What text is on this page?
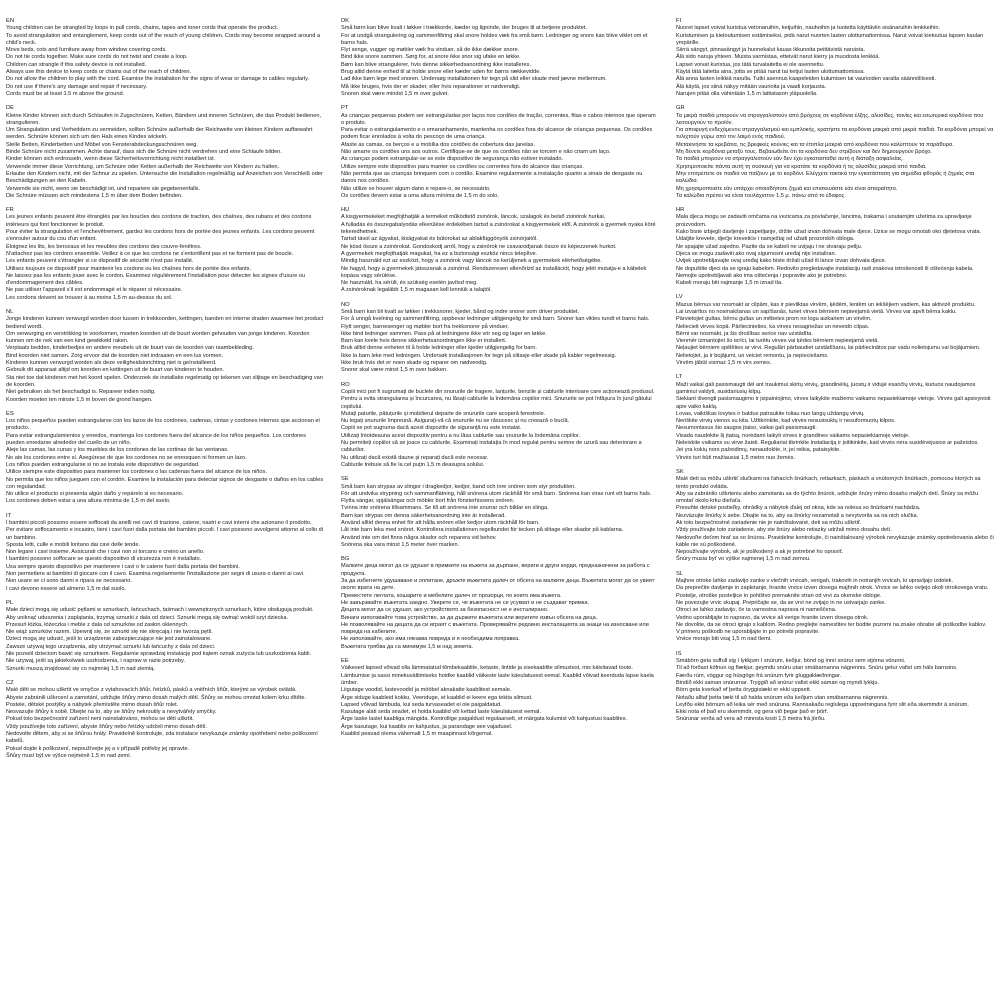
EN
Young children can be strangled by loops in pull cords, chains, tapes and inner cords that operate the product.
To avoid strangulation and entanglement, keep cords out of the reach of young children. Cords may become wrapped around a child's neck.
Move beds, cots and furniture away from window covering cords.
Do not tie cords together. Make sure cords do not twist and create a loop.
Children can strangle if this safety device is not installed.
Always use this device to keep cords or chains out of the reach of children.
Do not allow the children to play with the cord. Examine the installation for the signs of wear or damage to cables regularly.
Do not use if there's any damage and repair if necessary.
Cords must be at least 1.5 m above the ground.
DE
Kleine Kinder können sich durch Schlaufen in Zugschnüren, Ketten, Bändern und inneren Schnüren, die das Produkt bedienen, strangulieren.
Um Strangulation und Verheddern zu vermeiden, sollten Schnüre außerhalb der Reichweite von kleinen Kindern aufbewahrt werden. Schnüre können sich um den Hals eines Kindes wickeln.
Stelle Betten, Kinderbetten und Möbel von Fensterabdeckungsschnüren weg.
Binde Schnüre nicht zusammen. Achte darauf, dass sich die Schnüre nicht verdrehen und eine Schlaufe bilden.
Kinder können sich erdrosseln, wenn diese Sicherheitsvorrichtung nicht installiert ist.
Verwende immer diese Vorrichtung, um Schnüre oder Ketten außerhalb der Reichweite von Kindern zu halten.
Erlaube den Kindern nicht, mit der Schnur zu spielen. Untersuche die Installation regelmäßig auf Anzeichen von Verschleiß oder Beschädigungen an den Kabeln.
Verwende sie nicht, wenn sie beschädigt ist, und repariere sie gegebenenfalls.
Die Schnüre müssen sich mindestens 1,5 m über dem Boden befinden.
FR
Les jeunes enfants peuvent être étranglés par les boucles des cordons de traction, des chaînes, des rubans et des cordons intérieurs qui font fonctionner le produit.
Pour éviter la strangulation et l'enchevêtrement, gardez les cordons hors de portée des jeunes enfants. Les cordons peuvent s'enrouler autour du cou d'un enfant.
Éloignez les lits, les berceaux et les meubles des cordons des couvre-fenêtres.
N'attachez pas les cordons ensemble. Veillez à ce que les cordons ne s'entortillent pas et ne forment pas de boucle.
Les enfants peuvent s'étrangler si ce dispositif de sécurité n'est pas installé.
Utilisez toujours ce dispositif pour maintenir les cordons ou les chaînes hors de portée des enfants.
Ne laissez pas les enfants jouer avec le cordon. Examinez régulièrement l'installation pour détecter les signes d'usure ou d'endommagement des câbles.
Ne pas utiliser l'appareil s'il est endommagé et le réparer si nécessaire.
Les cordons doivent se trouver à au moins 1,5 m au-dessus du sol.
NL
Jonge kinderen kunnen verwurgd worden door lussen in trekkoorden, kettingen, banden en interne draden waarmee het product bediend wordt.
Om verwurging en verstrikking te voorkomen, moeten koorden uit de buurt worden gehouden van jonge kinderen. Koorden kunnen om de nek van een kind gewikkeld raken.
Verplaats bedden, kinderbedjes en andere meubels uit de buurt van de koorden van raambekleding.
Bind koorden niet samen. Zorg ervoor dat de koorden niet indraaien en een lus vormen.
Kinderen kunnen verwurgd worden als deze veiligheidsinrichting niet is geïnstalleerd.
Gebruik dit apparaat altijd om koorden en kettingen uit de buurt van kinderen te houden.
Sta niet toe dat kinderen met het koord spelen. Onderzoek de installatie regelmatig op tekenen van slijtage en beschadiging van de koorden.
Niet gebruiken als het beschadigd is. Repareer indien nodig.
Koorden moeten ten minste 1,5 m boven de grond hangen.
ES
Los niños pequeños pueden estrangularse con los lazos de los cordones, cadenas, cintas y cordones internos que accionan el producto.
Para evitar estrangulamientos y enredos, mantenga los cordones fuera del alcance de los niños pequeños. Los cordones pueden enredarse alrededor del cuello de un niño.
Aleje las camas, las cunas y los muebles de los cordones de las cortinas de las ventanas.
No ate los cordones entre sí. Asegúrese de que los cordones no se enrosquen ni formen un lazo.
Los niños pueden estrangularse si no se instala este dispositivo de seguridad.
Utilice siempre este dispositivo para mantener los cordones o las cadenas fuera del alcance de los niños.
No permita que los niños jueguen con el cordón. Examine la instalación para detectar signos de desgaste o daños en los cables con regularidad.
No utilice el producto si presenta algún daño y repárelo si es necesario.
Los cordones deben estar a una altura mínima de 1,5 m del suelo.
IT
I bambini piccoli possono essere soffocati da anelli nei cavi di trazione, catene, nastri e cavi interni che azionano il prodotto.
Per evitare soffocamento e incastro, tieni i cavi fuori dalla portata dei bambini piccoli. I cavi possono avvolgersi attorno al collo di un bambino.
Sposta letti, culle e mobili lontano dai cavi delle tende.
Non legare i cavi insieme. Assicurati che i cavi non si torcano e creino un anello.
I bambini possono soffocare se questo dispositivo di sicurezza non è installato.
Usa sempre questo dispositivo per mantenere i cavi o le catene fuori dalla portata dei bambini.
Non permettere ai bambini di giocare con il cavo. Esamina regolarmente l'installazione per segni di usura o danni ai cavi.
Non usare se ci sono danni e ripara se necessario.
I cavi devono essere ad almeno 1,5 m dal suolo.
PL
Małe dzieci mogą się udusić pętlami w sznurkach, łańcuchach, taśmach i wewnętrznych sznurkach, które obsługują produkt.
Aby uniknąć uduszenia i zaplątania, trzymaj sznurki z dala od dzieci. Sznurki mogą się owinąć wokół szyi dziecka.
Przesuń łóżka, łóżeczka i meble z dala od sznurków od zasłon okiennych.
Nie wiąż sznurków razem. Upewnij się, że sznurki się nie skręcają i nie tworzą pętli.
Dzieci mogą się udusić, jeśli to urządzenie zabezpieczające nie jest zainstalowane.
Zawsze używaj tego urządzenia, aby utrzymać sznurki lub łańcuchy z dala od dzieci.
Nie pozwól dzieciom bawić się sznurkiem. Regularnie sprawdzaj instalację pod kątem oznak zużycia lub uszkodzenia kabli.
Nie używaj, jeśli są jakiekolwiek uszkodzenia, i napraw w razie potrzeby.
Sznurki muszą znajdować się co najmniej 1,5 m nad ziemią.
CZ
Malé děti se mohou uškrtit ve smyčce z vytahovacích šňůr, řetízků, pásků a vnitřních šňůr, kterými se výrobek ovládá.
Abyste zabránili uškrcení a zamotání, udržujte šňůry mimo dosah malých dětí. Šňůry se mohou omotat kolem krku dítěte.
Postele, dětské postýlky a nábytek přemístěte mimo dosah šňůr rolet.
Nesvazujte šňůry k sobě. Dbejte na to, aby se šňůry nekroutily a nevytvářely smyčky.
Pokud toto bezpečnostní zařízení není nainstalováno, mohou se děti uškrtit.
Vždy používejte toto zařízení, abyste šňůry nebo řetízky udrželi mimo dosah dětí.
Nedovolte dětem, aby si se šňůrou hrály. Pravidelně kontrolujte, zda instalace nevykazuje známky opotřebení nebo poškození kabelů.
Pokud dojde k poškození, nepoužívejte jej a v případě potřeby jej opravte.
Šňůry musí být ve výšce nejméně 1,5 m nad zemí.
DK
Små børn kan blive kvalt i løkker i trækkorde, kæder og ligninde, der bruges til at betjene produktet.
For at undgå strangulering og sammenfiltring skal snore holdes væk fra små børn. Ledninger og snore kan blive viklet om et barns hals.
Flyt senge, vugger og møbler væk fra vinduer, så de ikke dækker snore.
Bind ikke snore sammen. Sørg for, at snore ikke snor sig ufake en løkke.
Børn kan blive strangulerer, hvis denne sikkerhedsanordning ikke installeres.
Brug altid denne enhed til at holde snore eller kæder uden for børns rækkevidde.
Lad ikke børn lege med snoren. Undersøg installationen for tegn på slid eller skade med jævne mellemrum.
Må ikke bruges, hvis der er skader, eller hvis reparationer er nødvendigt.
Snoren skal være mindst 1,5 m over gulvet.
PT
As crianças pequenas podem ser estranguladas por laços nos cordões de tração, correntes, fitas e cabos internos que operam o produto.
Para evitar o estrangulamento e o emaranhamento, mantenha os cordões fora do alcance de crianças pequenas. Os cordões podem ficar enrolados à volta do pescoço de uma criança.
Afaste as camas, os berços e a mobília dos cordões de cobertura das janelas.
Não amarre os cordões uns aos outros. Certifique-se de que os cordões não se torcem e não criam um laço.
As crianças podem estrangular-se se este dispositivo de segurança não estiver instalado.
Utilize sempre este dispositivo para manter os cordões ou correntes fora do alcance das crianças.
Não permita que as crianças brinquem com o cordão. Examine regularmente a instalação quanto a sinais de desgaste ou danos nos cordões.
Não utilize se houver algum dano e repare-o, se necessário.
Os cordões devem estar a uma altura mínima de 1,5 m do solo.
HU
A kisgyermekeket megfojthatják a terméket működtető zsinórok, láncok, szalagok és belső zsinórok hurkai.
A fulladás és összegabalyodás elkerülése érdekében tartsd a zsinórokat a kisgyermekek elől. A zsinórok a gyermek nyaka köré tekeredhetnek.
Tartsd távol az ágyakat, kiságyakat és bútorokat az ablakfüggönyök zsinórjaitól.
Ne kösd össze a zsinórokat. Gondoskodj arról, hogy a zsinórok ne csavarodjanak össze és képezzenek hurkot.
A gyermekek megfojthatják magukat, ha ez a biztonsági eszköz nincs telepítve.
Mindig használd ezt az eszközt, hogy a zsinórok vagy láncok ne kerüljenek a gyermekek elérhetőségébe.
Ne hagyd, hogy a gyermekek játsszanak a zsinórral. Rendszeresen ellenőrizd az installációt, hogy jelét mutatja-e a kábelek kopása vagy sérülése.
Ne használd, ha sérült, és szükség esetén javítsd meg.
A zsinóroknak legalább 1,5 m magasan kell lenniük a talajtól.
NO
Små barn kan bli kvalt av løkker i trekksnorer, kjeder, bånd og indre snorer som driver produktet.
For å unngå kvelning og sammenfiltring, oppbevar ledninger utilgjengelig for små barn. Snorer kan vikles rundt et barns hals.
Flytt senger, barnesenger og møbler bort fra trekksnorer på vinduer.
Ikke bind ledninger sammen. Pass på at ledningene ikke vrir seg og lager en løkke.
Barn kan kvele hvis denne sikkerhetsanordningen ikke er installert.
Bruk alltid denne enheten til å holde ledninger eller kjeder utilgjengelig for barn.
Ikke la barn leke med ledningen. Undersøk installasjonen for tegn på slitasje eller skade på kabler regelmessig.
Ikke bruk hvis det er noen skade og reparer om nødvendig.
Snorer skal være minst 1,5 m over bakken.
RO
Copiii mici pot fi sugrumați de buclele din snururile de tragere, lanțurile, benzile și cablurile interioare care acționează produsul.
Pentru a evita strangularea și încurcarea, nu lăsați cablurile la îndemâna copiilor mici. Snururile se pot înfășura în jurul gâtului copilului.
Mutați paturile, pătuțurile și mobilierul departe de snururile care acoperă ferestrele.
Nu legați snururile împreună. Asigurați-vă că snururile nu se răsucesc și nu creează o buclă.
Copiii se pot sugruma dacă acest dispozitiv de siguranță nu este instalat.
Utilizați întotdeauna acest dispozitiv pentru a nu lăsa cablurile sau snururile la îndemâna copiilor.
Nu permiteți copiilor să se joace cu cablurile. Examinați instalația în mod regulat pentru semne de uzură sau deteriorare a cablurilor.
Nu utilizați dacă există daune și reparați dacă este necesar.
Cablurile trebuie să fie la cel puțin 1,5 m deasupra solului.
SE
Små barn kan strypas av slingor i dragkedjor, kedjor, band och inre snören som styr produkten.
För att undvika strypning och sammanflätning, håll snörena utom räckhåll för små barn. Snörena kan viras runt ett barns hals.
Flytta sängar, spjälsängar och möbler bort från fönsterhissens snören.
Tvinna inte snörena tillsammans. Se till att snörena inte snurrar och bildar en slinga.
Barn kan strypas om denna säkerhetsanordning inte är installerad.
Använd alltid denna enhet för att hålla snören eller kedjor utom räckhåll för barn.
Låt inte barn leka med snöret. Kontrollera installationen regelbundet för tecken på slitage eller skador på kablarna.
Använd inte om det finns några skador och reparera vid behov.
Snörena ska vara minst 1,5 meter över marken.
BG
Малките деца могат да се удушат в примките на въжета за дърпане, вериги и други корди, предназначени за работа с продукта.
За да избегнете удушаване и оплитане, дръжте въжетата далеч от обсега на малките деца. Въжетата могат да се увият около врата на дете.
Преместете леглата, кошарите и мебелите далеч от прозорци, по които има въжета.
Не завързвайте въжетата заедно. Уверете се, че въжетата не се усукват и не създават примка.
Децата могат да се удушат, ако устройството за безопасност не е инсталирано.
Винаги използвайте това устройство, за да държите въжетата или веригите извън обсега на деца.
Не позволявайте на децата да си играят с въжетата. Проверявайте редовно инсталацията за знаци на износване или повреда на кабелите.
Не използвайте, ако има някаква повреда и я необходима поправка.
Въжетата трябва да са минимум 1,5 м над земята.
EE
Väikesed lapsed võivad olla lämmatatud tõmbekaablite, ketaste, lintide ja sisekaablite silmustest, mis käivitavad toote.
Lämbumise ja sassi minekuvältimiseks hoidke kaablid väikeste laste käeulatusest eemal. Kaablid võivad keerduda lapse kaela ümber.
Liigutage voodid, lastevoodid ja mööbel aknakatte kaablitest eemale.
Ärge siduge kaableid kokku. Veenduge, et kaablid ei keere ega tekita silmust.
Lapsed võivad lämbuda, kui seda turvaseadet ei ole paigaldatud.
Kasutage alati seda seadet, et hoida kaablid või kettad laste käeulatusest eemal.
Ärge laske lastel kaabliga mängida. Kontrollige paigaldust regulaarselt, et märgata kulumist või kahjustusi kaablites.
Ärge kasutage, kui kaablis on kahjustus, ja parandage see vajadusel.
Kaablid peavad olema vähemalt 1,5 m maapinnast kõrgemal.
FI
Nuoret lapset voivat kuristua vetonaruihin, ketjuihin, nauhoihin ja tuotetta käyttäviin sisänaruihin lenkkeihin.
Kuristumisen ja kietoutumisen estämiseksi, pidä narut nuorten lasten ulottumattomissa. Narut voivat kietoutua lapsen kaulan ympärille.
Siirrä sängyt, pinnasängyt ja huonekalut kauas ikkunoita peittävistä naruista.
Älä sido naruja yhteen. Muista varmistaa, etteivät narut kierry ja muodosta lenkkiä.
Lapset voivat kuristua, jos tätä turvalaitetta ei ole asennettu.
Käytä tätä laitetta aina, jotta se pitää narut tai ketjut lasten ulottumattomissa.
Älä anna lasten leikkiä narulla. Tutki asennus kaapeleiden kulumisen tai vaurioiden varalta säännöllisesti.
Älä käytä, jos siinä näkyy mitään vaurioita ja vaadi korjausta.
Narujen pitää olla vähintään 1,5 m lattiatason yläpuolella.
GR
Τα μικρά παιδιά μπορούν να στραγγαλιστούν από βρόχους σε κορδόνια έλξης, αλυσίδες, ταινίες και εσωτερικά κορδόνια που λειτουργούν το προϊόν.
Για αποφυγή ενδεχόμενου στραγγαλισμού και εμπλοκής, κρατήστε τα κορδόνια μακριά από μικρά παιδιά. Τα κορδόνια μπορεί να τυλιχτούν γύρω από τον λαιμό ενός παιδιού.
Μετακινήστε τα κρεβάτια, τις βρεφικές κούνιες και τα έπιπλα μακριά από κορδόνια που καλύπτουν τα παράθυρα.
Μη δένετε κορδόνια μεταξύ τους. Βεβαιωθείτε ότι τα κορδόνια δεν στρίβουν και δεν δημιουργούν βρόχο.
Τα παιδιά μπορούν να στραγγαλιστούν εάν δεν έχει εγκατασταθεί αυτή η διάταξη ασφαλείας.
Χρησιμοποιείτε πάντα αυτή τη συσκευή για να κρατάτε τα κορδόνια ή τις αλυσίδες μακριά από παιδιά.
Μην επιτρέπετε σε παιδιά να παίζουν με το κορδόνι. Ελέγχετε τακτικά την εγκατάσταση για σημάδια φθοράς ή ζημιάς στα καλώδια.
Μη χρησιμοποιείτε εάν υπάρχει οποιαδήποτε ζημιά και επισκευάστε εάν είναι απαραίτητο.
Τα καλώδια πρέπει να είναι τουλάχιστον 1,5 μ. πάνω από το έδαφος.
HR
Mala djeca mogu se zadaviti omčama na vezicama za povlačenje, lancima, trakama i unutarnjim užetima za upravljanje proizvodom.
Kako biste izbjegli davljenje i zapetljanje, držite užad izvan dohvata male djece. Uzice se mogu omotati oko djetetova vrata.
Udaljite krevete, dječje krevetiće i namještaj od užadi prozorskih obloga.
Ne spajajte užad zajedno. Pazite da se kabeli ne uvijaju i ne stvaraju petlju.
Djeca se mogu zadaviti ako ovaj sigurnosni uređaj nije instaliran.
Uvijek upotrebljavajte ovaj uređaj kako biste držali užad ili lance izvan dohvata djece.
Ne dopuštite djeci da se igraju kabelom. Redovito pregledavajte instalaciju radi znakova istrošenosti ili oštećenja kabela.
Nemojte upotrebljavati ako ima oštećenja i popravite ako je potrebno.
Kabeli moraju biti najmanje 1,5 m iznad tla.
LV
Mazus bērnus var nosmakt ar cilpām, kas ir pievilktas virvēm, ķēdēm, lentēm un iekšējiem vadiem, kas aktivizē produktu.
Lai izvairītos no nosmakšanas un sapīšanās, turiet virves bērniem nepieejamā vietā. Virves var apvīt bērna kaklu.
Pārvietojiet gultas, bērnu gultas un mēbeles prom no logu aizkariem un virvēm.
Neliecieit virves kopā. Pārliecinieties, ka virves nesagriežas un neveido cilpas.
Bērni var nosmakt, ja šis drošības serice nav uzstādīta.
Vienmēr izmantojiet šo ierīci, lai turētu virves vai ķēdes bērniem nepieejamā vietā.
Neļaujiet bērniem spēlēties ar virvi. Regulāri pārbaudiet uzstādīšanu, lai pārliecinātos par vadu nolietojumu vai bojājumiem.
Nelietojiet, ja ir bojājumi, un veiciet remontu, ja nepieciešams.
Virvēm jābūt vismaz 1,5 m virs zemes.
LT
Maži vaikai gali pasismaugti dėl ant traukimui skirtų virvių, grandinėlių, juostų ir vidujė esančių virvių, kuriuos naudojamos gaminiui valdyti, susidariusių kilpų.
Siekiant išvengti pasismaugimo ir įsipainiojimo, virves laikykite mažiems vaikams nepasiekiamoje vietoje. Virvės gali apsivynioti apie vaiko kaklą.
Lovas, vaikiškas lovytes ir baldus patraukite toliau nuo langų uždangų virvių.
Neriškite virvių vienos su kita. Užtikrinkite, kad virvės nesusisuktų ir nesuformuotų kilpos.
Nesumontavus šio saugos įtaiso, vaikai gali pasismaugti.
Visada naudokite šį įtaisą, norėdami laikyti virves ir grandines vaikams nepasiekiamoje vietoje.
Neleiskite vaikams su virve žaisti. Reguliariai tikrinkite instaliaciją ir įsitikinkite, kad virvės nėra susidėvėjusios ar pažeistos.
Jei yra kokių nors pažeidimų, nenaudokite, ir, jei reikia, pataisykite.
Virvės turi būti mažiausiai 1,5 metro nuo žemės.
SK
Malé deti sa môžu uškrtiť slučkami na ťahacích šnúrkach, retiazkach, páskach a vnútorných šnúrkach, pomocou ktorých sa tento produkt ovláda.
Aby sa zabránilo uškrteniu alebo zamotaniu sa do týchto šnúrok, udržujte šnúry mimo dosahu malých detí. Šnúry sa môžu omotať okolo krku dieťaťa.
Presuňte detské postieľky, ohrádky a nábytok ďalej od okna, kde sa nolesa so šnúrkami nachádza.
Nezväzujte šnúrky k sebe. Dbajte na to, aby sa šnúrky nezamotali a nevytvorila sa na nich slučka.
Ak toto bezpečnostné zariadenie nie je nainštalované, deti sa môžu uškrtiť.
Vždy používajte toto zariadenie, aby ste šnúry alebo retiazky udržali mimo dosahu detí.
Nedovoľte deťom hrať sa so šnúrou. Pravidelne kontrolujte, či nainštalovaný výrobok nevykazuje známky opotrebovania alebo či káble nie sú poškodené.
Nepoužívajte výrobok, ak je poškodený a ak je potrebné ho opraviť.
Šnúry musia byť vo výške najmenej 1,5 m nad zemou.
SL
Majhne otroke lahko zadavijo zanke v vlečnih vrvicah, verigah, trakovih in notranjih vrvicah, ki upravljajo izdelek.
Da preprečite davljenje in zapletanje, hranite vrvice izven dosega majhnih otrok. Vrvice se lahko ovijejo okoli otrokovega vratu.
Postelje, otroške posteljice in pohištvo premaknite stran od vrvi za okenske obloge.
Ne povezujte vrvic skupaj. Prepričajte se, da se vrvi ne zvijajo in ne ustvarjajo zanke.
Otroci se lahko zadavijo, če ta varnostna naprava ni nameščena.
Vedno uporabljajte to napravo, da vrvice ali verige hranite izven dosega otrok.
Ne dovolite, da se otroci igrajo s kablom. Redno preglejte namestitev ter bodite pozorni na znake obrabe ali poškodbe kablov.
V primeru poškodb ne uporabljajte in po potrebi popravite.
Vrvice morajo biti vsaj 1,5 m nad tlemi.
IS
Smábörn geta suffull sig í lykkjum í snúrum, keðjur, bönd og innri snúrur sem stjórna vörunni.
Til að forðast köfnun og flækjur, geymdu snúru utan smábarnanna nágrennis. Snúru getur vafist um háls barnsins.
Færðu rúm, vöggur og húsgögn frá snúrum fyrir gluggaklæðningar.
Bindið ekki saman snúrurnar. Tryggið að snúrur vafist ekki saman og myndi lykkju.
Börn geta kverkað ef þetta öryggistæki er ekki uppsett.
Notaðu alltaf þetta tæki til að halda snúrum eða keðjum utan smábarnanna nágrennis.
Leyfðu ekki börnum að leika sér með snúruna. Rannsakaðu reglulega uppsetninguna fyrir slit eða skemmdir á snúrum.
Ekki nota ef það eru skemmdir, og gera við þegar það er þörf.
Snúrunar verða að vera að minnsta kosti 1,5 metra frá jörðu.
